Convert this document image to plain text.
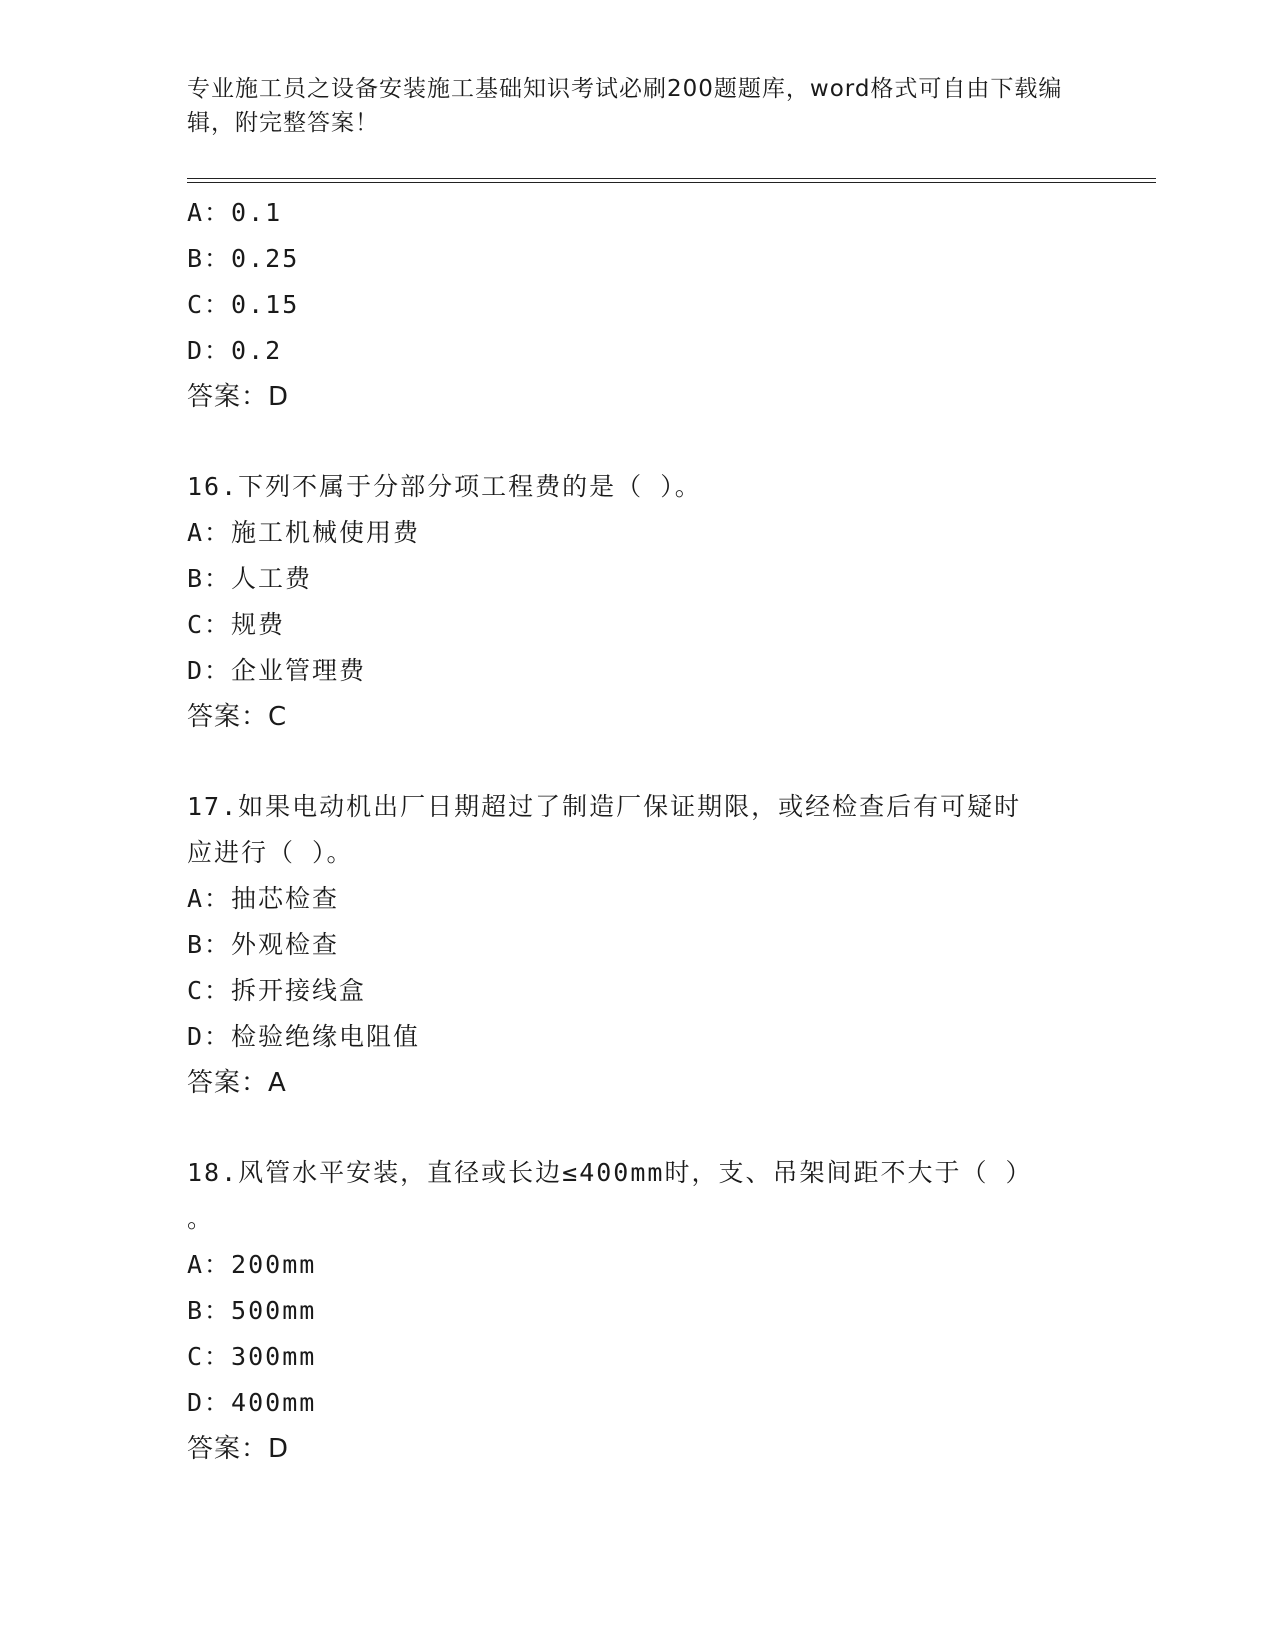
专业施工员之设备安装施工基础知识考试必刷200题题库，word格式可自由下载编辑，附完整答案！
A：0.1
B：0.25
C：0.15
D：0.2
答案：D
16.下列不属于分部分项工程费的是（ ）。
A：施工机械使用费
B：人工费
C：规费
D：企业管理费
答案：C
17.如果电动机出厂日期超过了制造厂保证期限，或经检查后有可疑时
应进行（ ）。
A：抽芯检查
B：外观检查
C：拆开接线盒
D：检验绝缘电阻值
答案：A
18.风管水平安装，直径或长边≤400mm时，支、吊架间距不大于（ ）
。
A：200mm
B：500mm
C：300mm
D：400mm
答案：D
